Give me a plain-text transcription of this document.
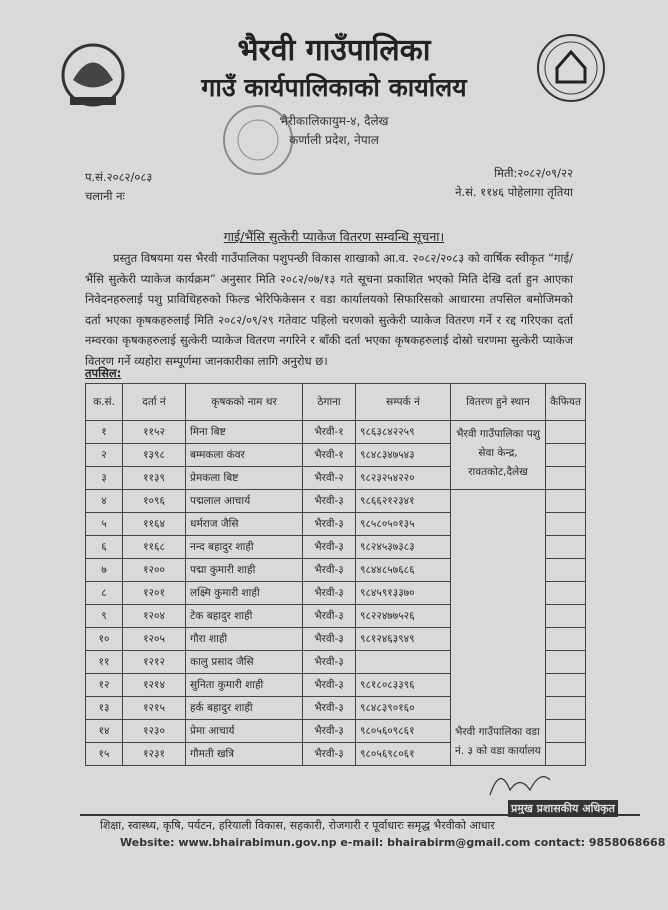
भैरवी गाउँपालिका
गाउँ कार्यपालिकाको कार्यालय
भैरीकालिकायुम-४, दैलेख
कर्णाली प्रदेश, नेपाल
प.सं.२०८२/०८३
चलानी नः
मिती:२०८२/०९/२२
ने.सं. ११४६ पोहेलागा तृतिया
गाई/भैंसि सुत्केरी प्याकेज वितरण सम्वन्धि सूचना।
प्रस्तुत विषयमा यस भैरवी गाउँपालिका पशुपन्छी विकास शाखाको आ.व. २०८२/२०८३ को वार्षिक स्वीकृत “गाई/भैंसि सुत्केरी प्याकेज कार्यक्रम” अनुसार मिति २०८२/०७/१३ गते सूचना प्रकाशित भएको मिति देखि दर्ता हुन आएका निवेदनहरुलाई पशु प्राविधिहरुको फिल्ड भेरिफिकेसन र वडा कार्यालयको सिफारिसको आधारमा तपसिल बमोजिमको दर्ता भएका कृषकहरुलाई मिति २०८२/०९/२९ गतेवाट पहिलो चरणको सुत्केरी प्याकेज वितरण गर्ने र रद्द गरिएका दर्ता नम्वरका कृषकहरुलाई सुत्केरी प्याकेज वितरण नगरिने र बाँकी दर्ता भएका कृषकहरुलाई दोस्रो चरणमा सुत्केरी प्याकेज वितरण गर्ने व्यहोरा सम्पूर्णमा जानकारीका लागि अनुरोध छ।
तपसिल:
क.सं.	दर्ता नं	कृषकको नाम थर	ठेगाना	सम्पर्क नं	वितरण हुने स्थान	कैफियत
१	११५२	मिना बिष्ट	भैरवी-१	९८६३८४२२५९	भैरवी गाउँपालिका पशु सेवा केन्द्र, रावतकोट,दैलेख	
२	१३९८	बम्मकला कंवर	भैरवी-१	९८४८३४७५४३		
३	११३९	प्रेमकला बिष्ट	भैरवी-२	९८२३२५४२२०		
४	१०९६	पद्मलाल आचार्य	भैरवी-३	९८६६२१२३४१	भैरवी गाउँपालिका वडा नं. ३ को वडा कार्यालय	
५	११६४	धर्मराज जैसि	भैरवी-३	९८५८०५०१३५		
६	११६८	नन्द बहादुर शाही	भैरवी-३	९८२४५३७३८३		
७	१२००	पद्मा कुमारी शाही	भैरवी-३	९८४४८५७६८६		
८	१२०१	लक्ष्मि कुमारी शाही	भैरवी-३	९८४५९१३३७०		
९	१२०४	टेक बहादुर शाही	भैरवी-३	९८२२४७७५२६		
१०	१२०५	गौरा शाही	भैरवी-३	९८१२४६३९४९		
११	१२१२	कालु प्रसाद जैसि	भैरवी-३			
१२	१२१४	सुनिता कुमारी शाही	भैरवी-३	९८१८०८३३९६		
१३	१२१५	हर्क बहादुर शाही	भैरवी-३	९८४८३९०१६०		
१४	१२३०	प्रेमा आचार्य	भैरवी-३	९८०५६०९८६१		
१५	१२३१	गौमती खत्रि	भैरवी-३	९८०५६९८०६१		
प्रमुख प्रशासकीय अधिकृत
शिक्षा, स्वास्थ्य, कृषि, पर्यटन, हरियाली विकास, सहकारी, रोजगारी र पूर्वाधारः समृद्ध भैरवीको आधार
Website: www.bhairabimun.gov.np e-mail: bhairabirm@gmail.com contact: 9858068668
